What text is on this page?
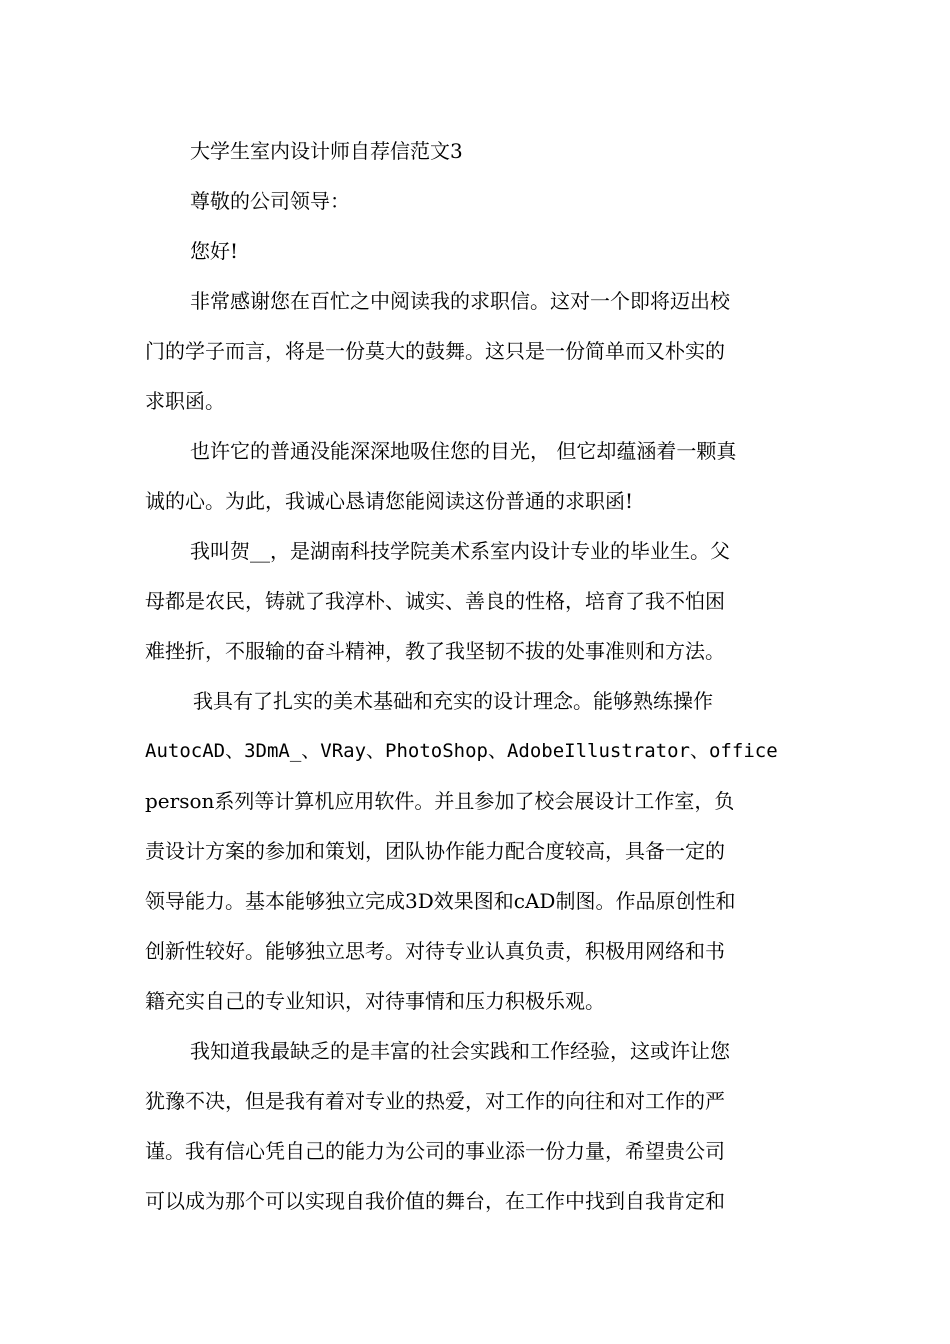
大学生室内设计师自荐信范文3
尊敬的公司领导：
您好!
非常感谢您在百忙之中阅读我的求职信。这对一个即将迈出校
门的学子而言，将是一份莫大的鼓舞。这只是一份简单而又朴实的
求职函。
也许它的普通没能深深地吸住您的目光， 但它却蕴涵着一颗真
诚的心。为此，我诚心恳请您能阅读这份普通的求职函!
我叫贺__，是湖南科技学院美术系室内设计专业的毕业生。父
母都是农民，铸就了我淳朴、诚实、善良的性格，培育了我不怕困
难挫折，不服输的奋斗精神，教了我坚韧不拔的处事准则和方法。
我具有了扎实的美术基础和充实的设计理念。能够熟练操作
AutocAD、3DmA_、VRay、PhotoShop、AdobeIllustrator、office
person系列等计算机应用软件。并且参加了校会展设计工作室，负
责设计方案的参加和策划，团队协作能力配合度较高，具备一定的
领导能力。基本能够独立完成3D效果图和cAD制图。作品原创性和
创新性较好。能够独立思考。对待专业认真负责，积极用网络和书
籍充实自己的专业知识，对待事情和压力积极乐观。
我知道我最缺乏的是丰富的社会实践和工作经验，这或许让您
犹豫不决，但是我有着对专业的热爱，对工作的向往和对工作的严
谨。我有信心凭自己的能力为公司的事业添一份力量，希望贵公司
可以成为那个可以实现自我价值的舞台，在工作中找到自我肯定和
